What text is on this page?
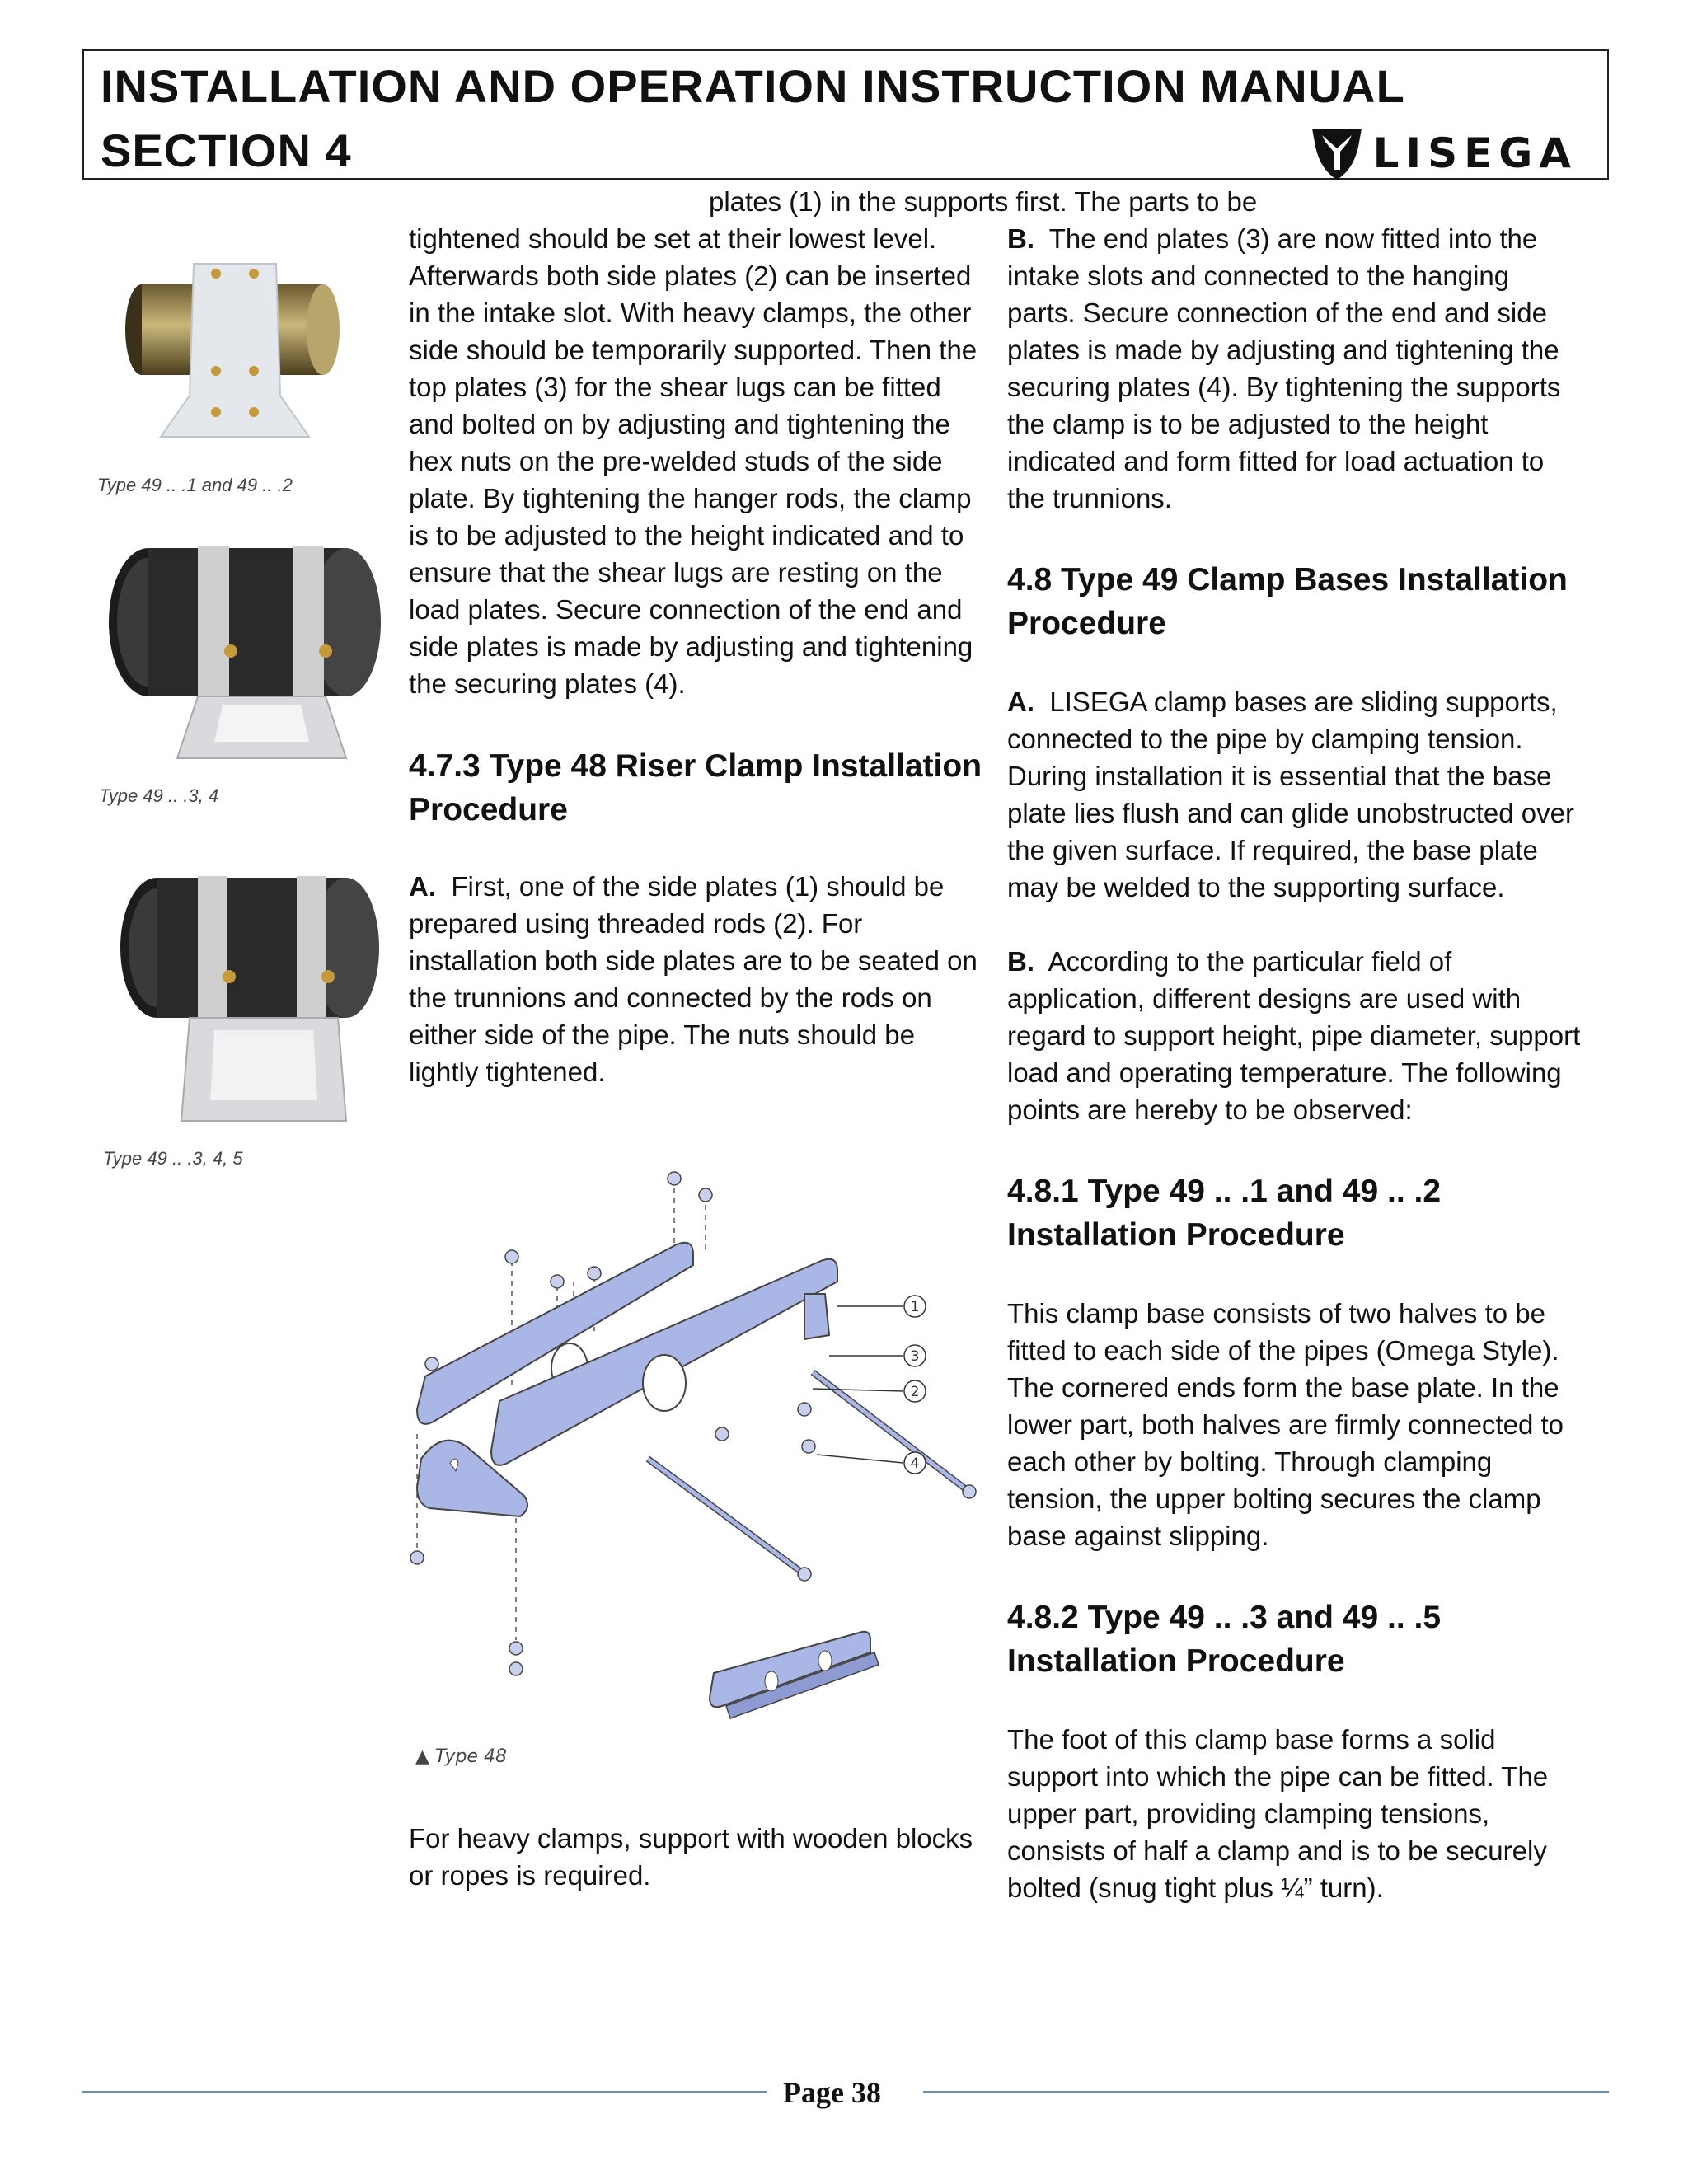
INSTALLATION AND OPERATION INSTRUCTION MANUAL
SECTION 4	LISEGA
plates (1) in the supports first. The parts to be
Type 49 .. .1 and 49 .. .2
Type 49 .. .3, 4
Type 49 .. .3, 4, 5

tightened should be set at their lowest level. Afterwards both side plates (2) can be inserted in the intake slot. With heavy clamps, the other side should be temporarily supported. Then the top plates (3) for the shear lugs can be fitted and bolted on by adjusting and tightening the hex nuts on the pre-welded studs of the side plate. By tightening the hanger rods, the clamp is to be adjusted to the height indicated and to ensure that the shear lugs are resting on the load plates. Secure connection of the end and side plates is made by adjusting and tightening the securing plates (4).

4.7.3 Type 48 Riser Clamp Installation Procedure

A. First, one of the side plates (1) should be prepared using threaded rods (2). For installation both side plates are to be seated on the trunnions and connected by the rods on either side of the pipe. The nuts should be lightly tightened.

1
3
2
4
▲ Type 48

For heavy clamps, support with wooden blocks or ropes is required.

B. The end plates (3) are now fitted into the intake slots and connected to the hanging parts. Secure connection of the end and side plates is made by adjusting and tightening the securing plates (4). By tightening the supports the clamp is to be adjusted to the height indicated and form fitted for load actuation to the trunnions.

4.8 Type 49 Clamp Bases Installation Procedure

A. LISEGA clamp bases are sliding supports, connected to the pipe by clamping tension. During installation it is essential that the base plate lies flush and can glide unobstructed over the given surface. If required, the base plate may be welded to the supporting surface.

B. According to the particular field of application, different designs are used with regard to support height, pipe diameter, support load and operating temperature. The following points are hereby to be observed:

4.8.1 Type 49 .. .1 and 49 .. .2 Installation Procedure

This clamp base consists of two halves to be fitted to each side of the pipes (Omega Style). The cornered ends form the base plate. In the lower part, both halves are firmly connected to each other by bolting. Through clamping tension, the upper bolting secures the clamp base against slipping.

4.8.2 Type 49 .. .3 and 49 .. .5 Installation Procedure

The foot of this clamp base forms a solid support into which the pipe can be fitted. The upper part, providing clamping tensions, consists of half a clamp and is to be securely bolted (snug tight plus ¼” turn).

Page 38
